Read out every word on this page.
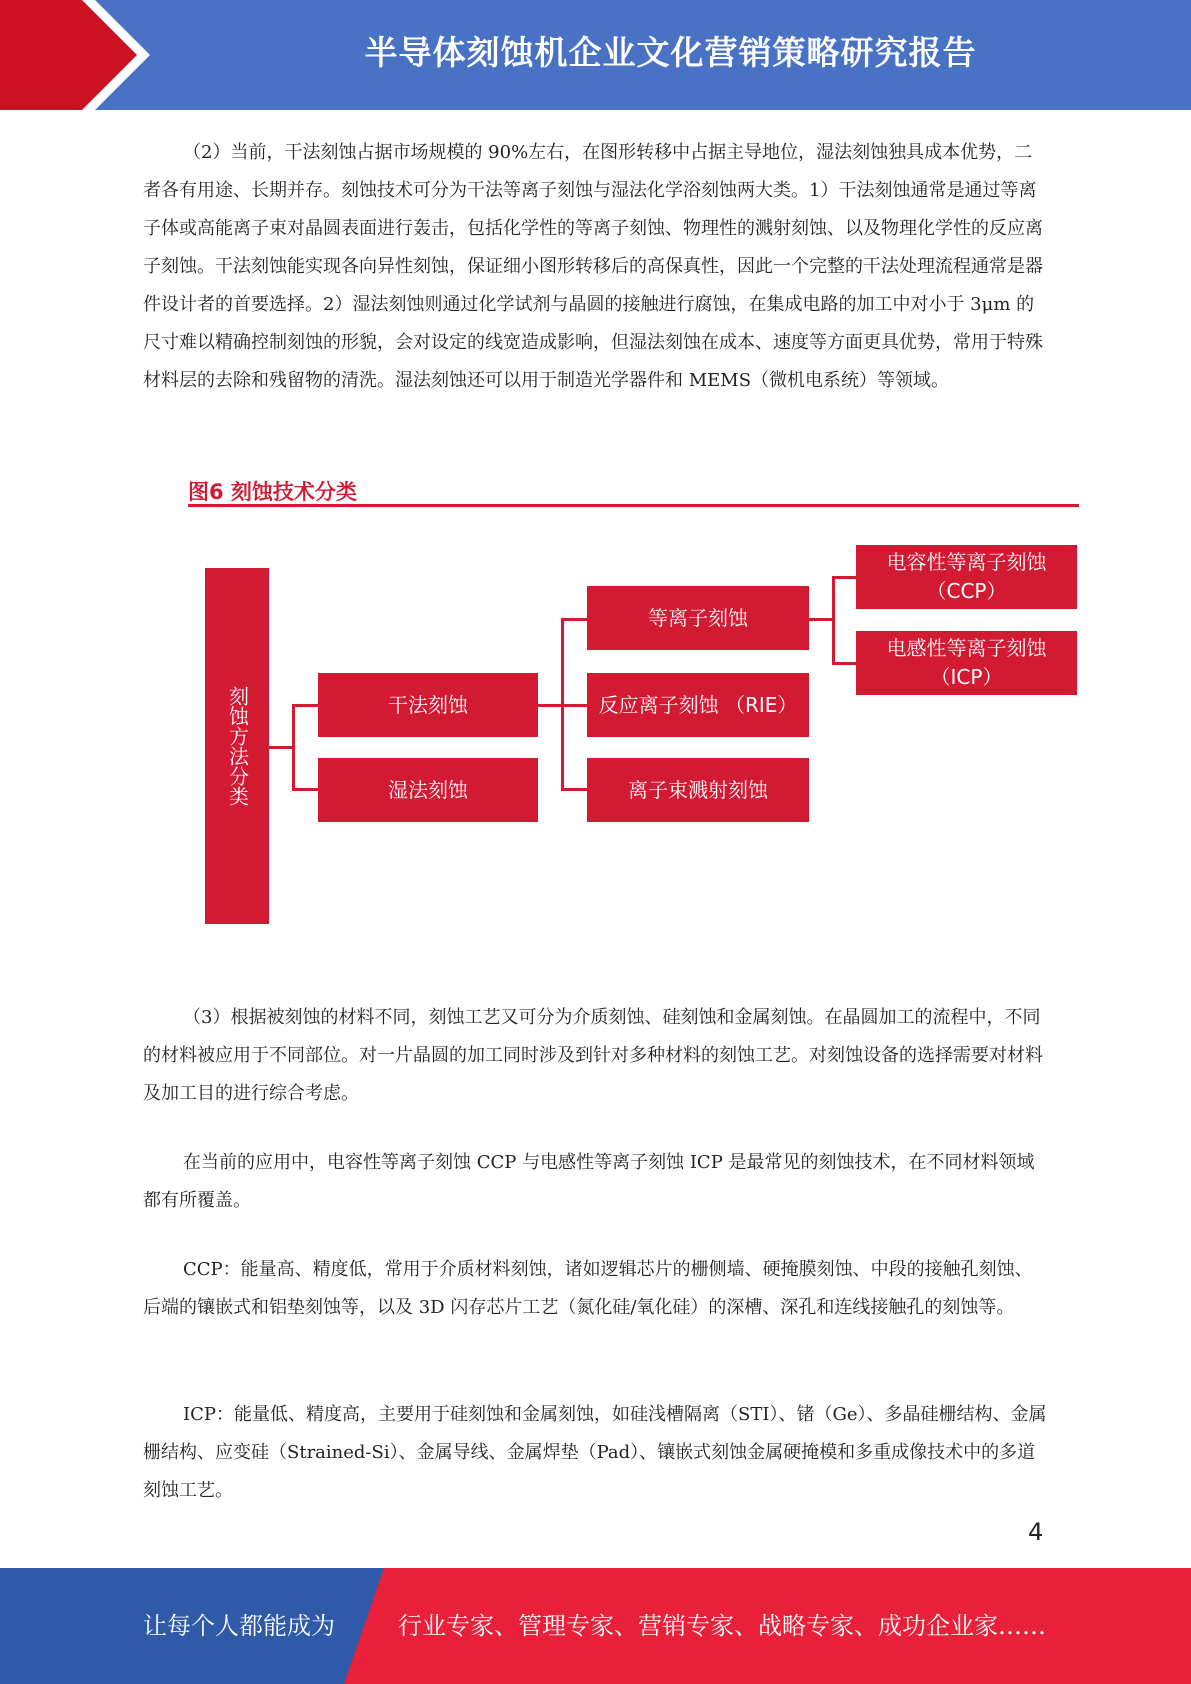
半导体刻蚀机企业文化营销策略研究报告

（2）当前，干法刻蚀占据市场规模的 90%左右，在图形转移中占据主导地位，湿法刻蚀独具成本优势，二者各有用途、长期并存。刻蚀技术可分为干法等离子刻蚀与湿法化学浴刻蚀两大类。1）干法刻蚀通常是通过等离子体或高能离子束对晶圆表面进行轰击，包括化学性的等离子刻蚀、物理性的溅射刻蚀、以及物理化学性的反应离子刻蚀。干法刻蚀能实现各向异性刻蚀，保证细小图形转移后的高保真性，因此一个完整的干法处理流程通常是器件设计者的首要选择。2）湿法刻蚀则通过化学试剂与晶圆的接触进行腐蚀，在集成电路的加工中对小于 3μm 的尺寸难以精确控制刻蚀的形貌，会对设定的线宽造成影响，但湿法刻蚀在成本、速度等方面更具优势，常用于特殊材料层的去除和残留物的清洗。湿法刻蚀还可以用于制造光学器件和 MEMS（微机电系统）等领域。

图6 刻蚀技术分类
刻蚀方法分类	干法刻蚀
湿法刻蚀
等离子刻蚀
反应离子刻蚀 （RIE）
离子束溅射刻蚀
电容性等离子刻蚀
（CCP）
电感性等离子刻蚀
（ICP）

（3）根据被刻蚀的材料不同，刻蚀工艺又可分为介质刻蚀、硅刻蚀和金属刻蚀。在晶圆加工的流程中，不同的材料被应用于不同部位。对一片晶圆的加工同时涉及到针对多种材料的刻蚀工艺。对刻蚀设备的选择需要对材料及加工目的进行综合考虑。

在当前的应用中，电容性等离子刻蚀 CCP 与电感性等离子刻蚀 ICP 是最常见的刻蚀技术，在不同材料领域都有所覆盖。

CCP：能量高、精度低，常用于介质材料刻蚀，诸如逻辑芯片的栅侧墙、硬掩膜刻蚀、中段的接触孔刻蚀、后端的镶嵌式和铝垫刻蚀等，以及 3D 闪存芯片工艺（氮化硅/氧化硅）的深槽、深孔和连线接触孔的刻蚀等。

ICP：能量低、精度高，主要用于硅刻蚀和金属刻蚀，如硅浅槽隔离（STI）、锗（Ge）、多晶硅栅结构、金属栅结构、应变硅（Strained-Si）、金属导线、金属焊垫（Pad）、镶嵌式刻蚀金属硬掩模和多重成像技术中的多道刻蚀工艺。

4
让每个人都能成为	行业专家、管理专家、营销专家、战略专家、成功企业家……
